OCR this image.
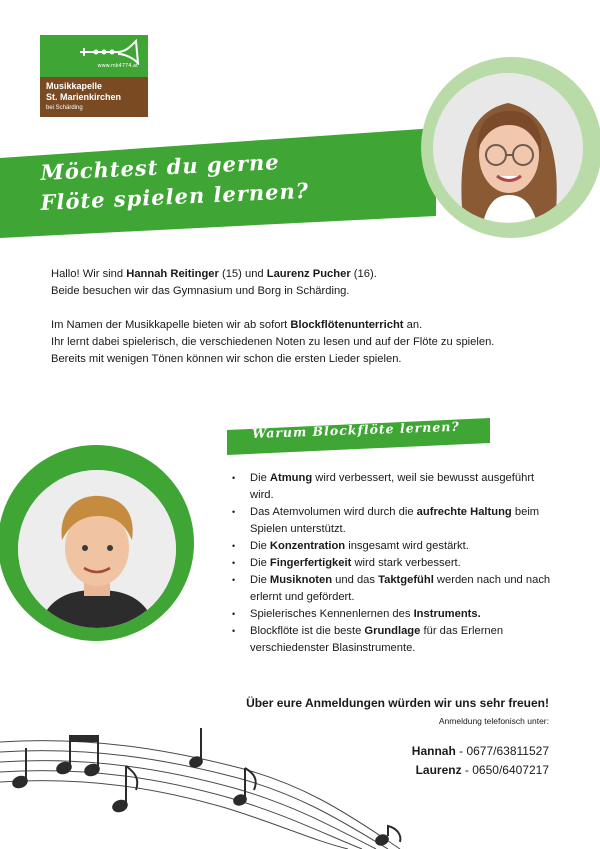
Möchtest du gerne
Flöte spielen lernen?
www.mk4774.at
Musikkapelle
St. Marienkirchen
bei Schärding

Hallo! Wir sind Hannah Reitinger (15) und Laurenz Pucher (16).

Beide besuchen wir das Gymnasium und Borg in Schärding.

Im Namen der Musikkapelle bieten wir ab sofort Blockflötenunterricht an.

Ihr lernt dabei spielerisch, die verschiedenen Noten zu lesen und auf der Flöte zu spielen.

Bereits mit wenigen Tönen können wir schon die ersten Lieder spielen.

Warum Blockflöte lernen?
• Die Atmung wird verbessert, weil sie bewusst ausgeführt wird.
• Das Atemvolumen wird durch die aufrechte Haltung beim Spielen unterstützt.
• Die Konzentration insgesamt wird gestärkt.
• Die Fingerfertigkeit wird stark verbessert.
• Die Musiknoten und das Taktgefühl werden nach und nach erlernt und gefördert.
• Spielerisches Kennenlernen des Instruments.
• Blockflöte ist die beste Grundlage für das Erlernen verschiedenster Blasinstrumente.
Über eure Anmeldungen würden wir uns sehr freuen!
Anmeldung telefonisch unter:
Hannah - 0677/63811527
Laurenz - 0650/6407217
